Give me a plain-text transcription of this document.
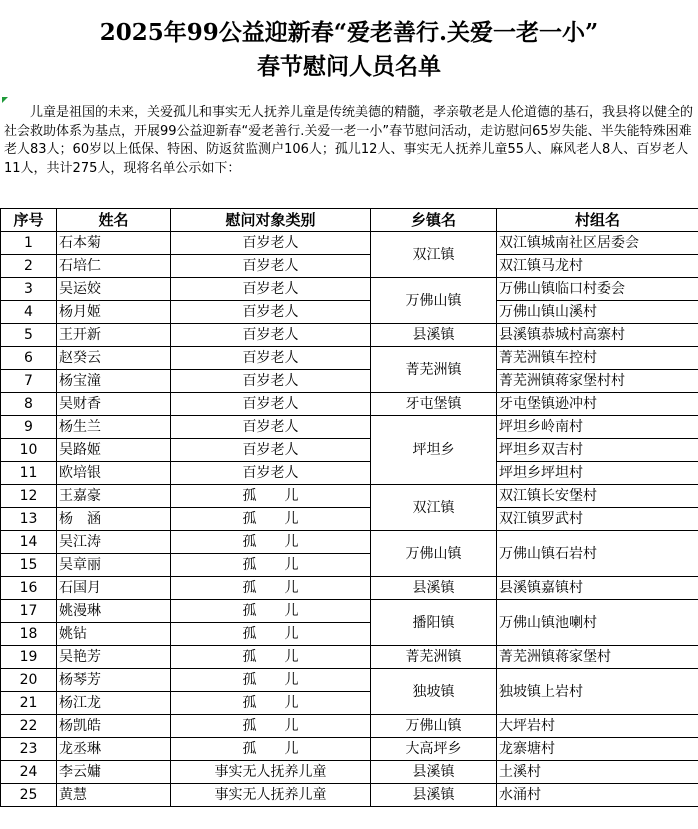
2025年99公益迎新春“爱老善行.关爱一老一小”
春节慰问人员名单

儿童是祖国的未来，关爱孤儿和事实无人抚养儿童是传统美德的精髓，孝亲敬老是人伦道德的基石，我县将以健全的社会救助体系为基点，开展99公益迎新春“爱老善行.关爱一老一小”春节慰问活动，走访慰问65岁失能、半失能特殊困难老人83人；60岁以上低保、特困、防返贫监测户106人；孤儿12人、事实无人抚养儿童55人、麻风老人8人、百岁老人11人，共计275人，现将名单公示如下：

序号	姓名	慰问对象类别	乡镇名	村组名
1	石本菊	百岁老人	双江镇	双江镇城南社区居委会
2	石培仁	百岁老人		双江镇马龙村
3	吴运姣	百岁老人	万佛山镇	万佛山镇临口村委会
4	杨月姬	百岁老人		万佛山镇山溪村
5	王开新	百岁老人	县溪镇	县溪镇恭城村高寨村
6	赵癸云	百岁老人	菁芜洲镇	菁芜洲镇车控村
7	杨宝潼	百岁老人		菁芜洲镇蒋家堡村村
8	吴财香	百岁老人	牙屯堡镇	牙屯堡镇逊冲村
9	杨生兰	百岁老人	坪坦乡	坪坦乡岭南村
10	吴路姬	百岁老人		坪坦乡双吉村
11	欧培银	百岁老人		坪坦乡坪坦村
12	王嘉豪	孤　　儿	双江镇	双江镇长安堡村
13	杨　涵	孤　　儿		双江镇罗武村
14	吴江涛	孤　　儿	万佛山镇	万佛山镇石岩村
15	吴章丽	孤　　儿		
16	石国月	孤　　儿	县溪镇	县溪镇嘉镇村
17	姚漫琳	孤　　儿	播阳镇	万佛山镇池喇村
18	姚钻	孤　　儿		
19	吴艳芳	孤　　儿	菁芜洲镇	菁芜洲镇蒋家堡村
20	杨琴芳	孤　　儿	独坡镇	独坡镇上岩村
21	杨江龙	孤　　儿		
22	杨凯皓	孤　　儿	万佛山镇	大坪岩村
23	龙丞琳	孤　　儿	大高坪乡	龙寨塘村
24	李云嫞	事实无人抚养儿童	县溪镇	土溪村
25	黄慧	事实无人抚养儿童	县溪镇	水涌村
